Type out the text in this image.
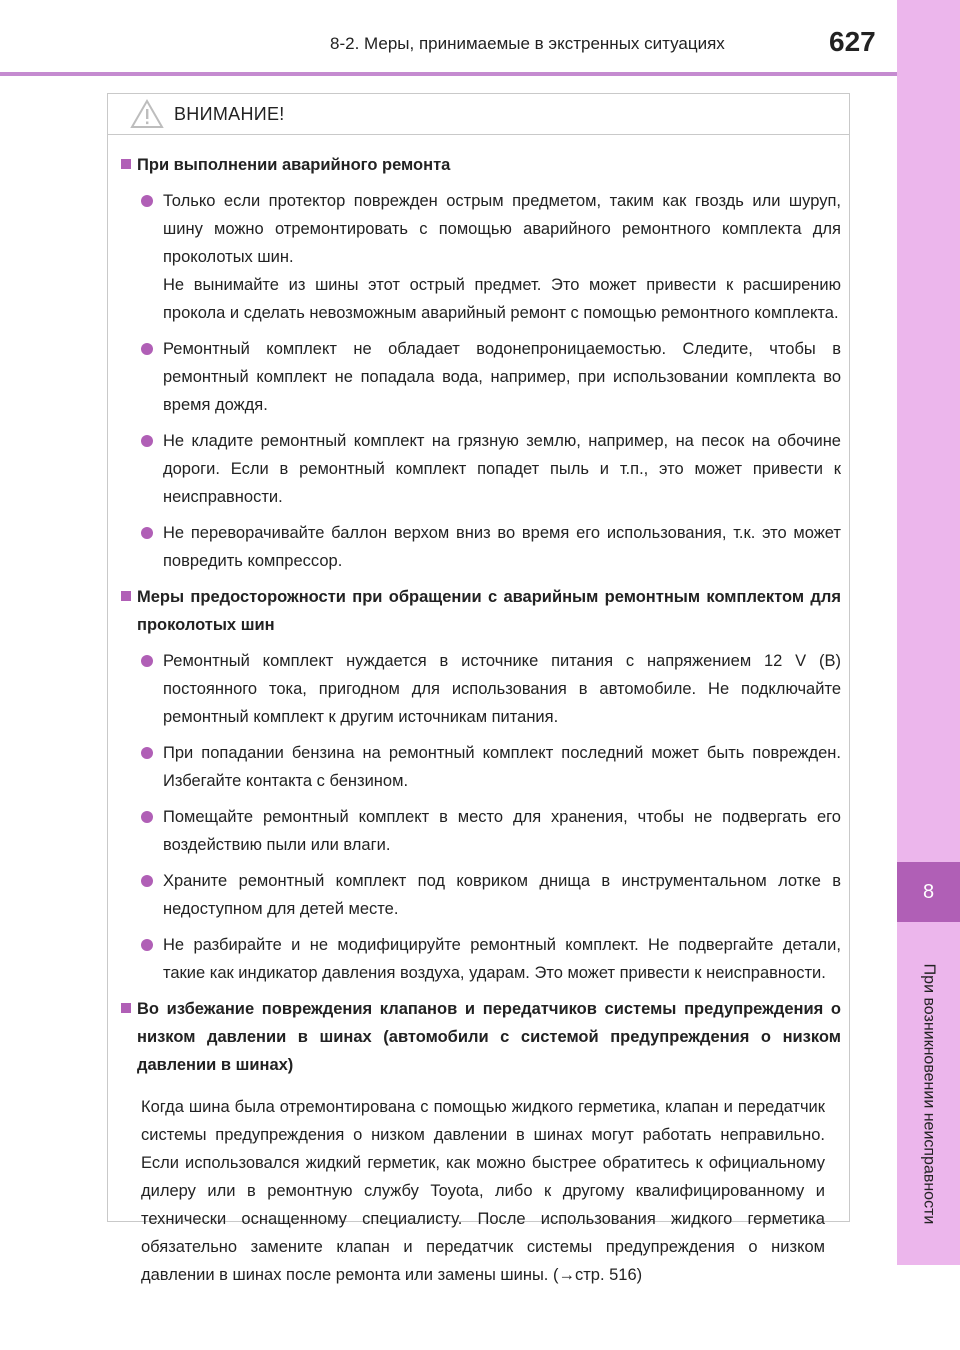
8
При возникновении неисправности
8-2. Меры, принимаемые в экстренных ситуациях	627
ВНИМАНИЕ!
При выполнении аварийного ремонта

Только если протектор поврежден острым предметом, таким как гвоздь или шуруп, шину можно отремонтировать с помощью аварийного ремонтного комплекта для проколотых шин.

Не вынимайте из шины этот острый предмет. Это может привести к расширению прокола и сделать невозможным аварийный ремонт с помощью ремонтного комплекта.

Ремонтный комплект не обладает водонепроницаемостью. Следите, чтобы в ремонтный комплект не попадала вода, например, при использовании комплекта во время дождя.
Не кладите ремонтный комплект на грязную землю, например, на песок на обочине дороги. Если в ремонтный комплект попадет пыль и т.п., это может привести к неисправности.
Не переворачивайте баллон верхом вниз во время его использования, т.к. это может повредить компрессор.
Меры предосторожности при обращении с аварийным ремонтным комплектом для проколотых шин
Ремонтный комплект нуждается в источнике питания с напряжением 12 V (В) постоянного тока, пригодном для использования в автомобиле. Не подключайте ремонтный комплект к другим источникам питания.
При попадании бензина на ремонтный комплект последний может быть поврежден. Избегайте контакта с бензином.
Помещайте ремонтный комплект в место для хранения, чтобы не подвергать его воздействию пыли или влаги.
Храните ремонтный комплект под ковриком днища в инструментальном лотке в недоступном для детей месте.
Не разбирайте и не модифицируйте ремонтный комплект. Не подвергайте детали, такие как индикатор давления воздуха, ударам. Это может привести к неисправности.
Во избежание повреждения клапанов и передатчиков системы предупреждения о низком давлении в шинах (автомобили с системой предупреждения о низком давлении в шинах)
Когда шина была отремонтирована с помощью жидкого герметика, клапан и передатчик системы предупреждения о низком давлении в шинах могут работать неправильно. Если использовался жидкий герметик, как можно быстрее обратитесь к официальному дилеру или в ремонтную службу Toyota, либо к другому квалифицированному и технически оснащенному специалисту. После использования жидкого герметика обязательно замените клапан и передатчик системы предупреждения о низком давлении в шинах после ремонта или замены шины. (→стр. 516)
